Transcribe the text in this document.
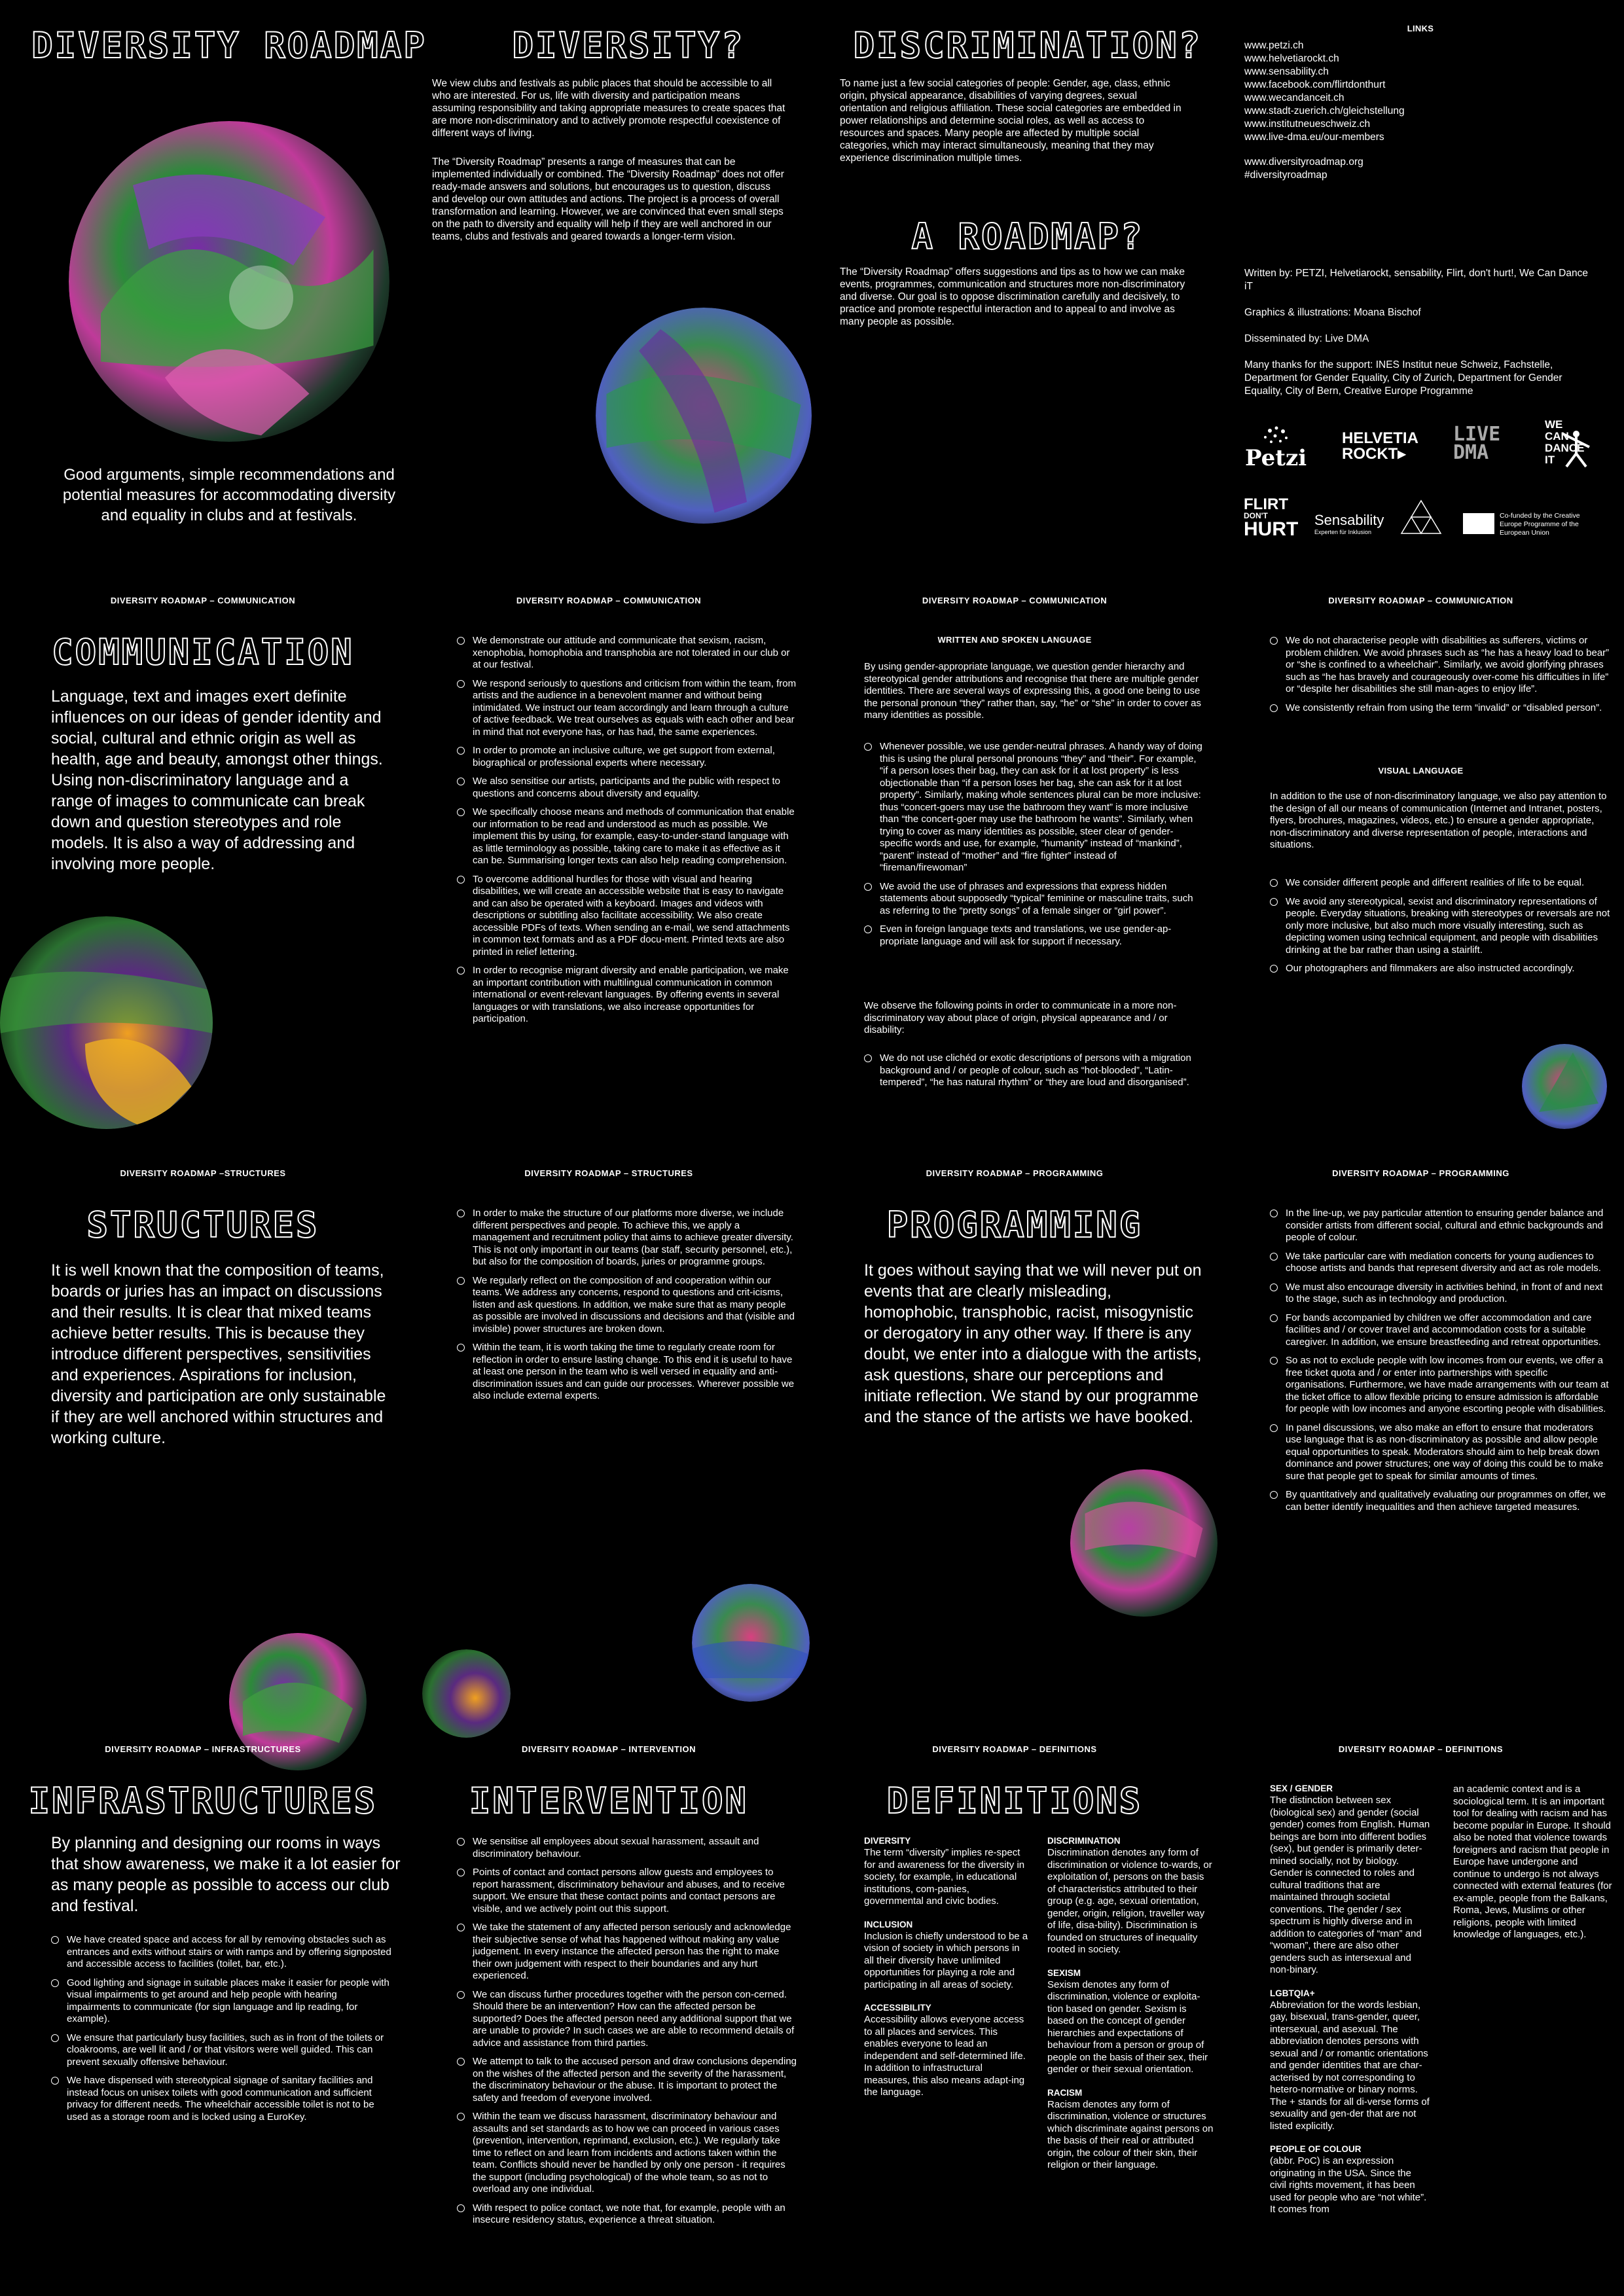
DIVERSITY ROADMAP

Good arguments, simple recommendations and potential measures for accommodating diversity and equality in clubs and at festivals.

DIVERSITY?

We view clubs and festivals as public places that should be accessible to all who are interested. For us, life with diversity and participation means assuming responsibility and taking appropriate measures to create spaces that are more non-discriminatory and to actively promote respectful coexistence of different ways of living.

The “Diversity Roadmap” presents a range of measures that can be implemented individually or combined. The “Diversity Roadmap” does not offer ready-made answers and solutions, but encourages us to question, discuss and develop our own attitudes and actions. The project is a process of overall transformation and learning. However, we are convinced that even small steps on the path to diversity and equality will help if they are well anchored in our teams, clubs and festivals and geared towards a longer-term vision.

DISCRIMINATION?

To name just a few social categories of people: Gender, age, class, ethnic origin, physical appearance, disabilities of varying degrees, sexual orientation and religious affiliation. These social categories are embedded in power relationships and determine social roles, as well as access to resources and spaces. Many people are affected by multiple social categories, which may interact simultaneously, meaning that they may experience discrimination multiple times.

A ROADMAP?

The “Diversity Roadmap” offers suggestions and tips as to how we can make events, programmes, communication and structures more non-discriminatory and diverse. Our goal is to oppose discrimination carefully and decisively, to practice and promote respectful interaction and to appeal to and involve as many people as possible.

LINKS
www.petzi.ch
www.helvetiarockt.ch
www.sensability.ch
www.facebook.com/flirtdonthurt
www.wecandanceit.ch
www.stadt-zuerich.ch/gleichstellung
www.institutneueschweiz.ch
www.live-dma.eu/our-members
www.diversityroadmap.org
#diversityroadmap
Written by: PETZI, Helvetiarockt, sensability, Flirt, don't hurt!, We Can Dance iT
Graphics & illustrations: Moana Bischof
Disseminated by: Live DMA
Many thanks for the support: INES Institut neue Schweiz, Fachstelle, Department for Gender Equality, City of Zurich, Department for Gender Equality, City of Bern, Creative Europe Programme
Petzi
HELVETIA
ROCKT▸
LIVE
DMA
WE
CAN
DANCE
IT
FLIRT
DON'T
HURT Sensability
Experten für Inklusion
Co-funded by the Creative Europe Programme of the European Union
DIVERSITY ROADMAP – COMMUNICATION
COMMUNICATION

Language, text and images exert definite influences on our ideas of gender identity and social, cultural and ethnic origin as well as health, age and beauty, amongst other things. Using non-discriminatory language and a range of images to communicate can break down and question stereotypes and role models. It is also a way of addressing and involving more people.

DIVERSITY ROADMAP – COMMUNICATION
We demonstrate our attitude and communicate that sexism, racism, xenophobia, homophobia and transphobia are not tolerated in our club or at our festival.
We respond seriously to questions and criticism from within the team, from artists and the audience in a benevolent manner and without being intimidated. We instruct our team accordingly and learn through a culture of active feedback. We treat ourselves as equals with each other and bear in mind that not everyone has, or has had, the same experiences.
In order to promote an inclusive culture, we get support from external, biographical or professional experts where necessary.
We also sensitise our artists, participants and the public with respect to questions and concerns about diversity and equality.
We specifically choose means and methods of communication that enable our information to be read and understood as much as possible. We implement this by using, for example, easy-to-under-stand language with as little terminology as possible, taking care to make it as effective as it can be. Summarising longer texts can also help reading comprehension.
To overcome additional hurdles for those with visual and hearing disabilities, we will create an accessible website that is easy to navigate and can also be operated with a keyboard. Images and videos with descriptions or subtitling also facilitate accessibility. We also create accessible PDFs of texts. When sending an e-mail, we send attachments in common text formats and as a PDF docu-ment. Printed texts are also printed in relief lettering.
In order to recognise migrant diversity and enable participation, we make an important contribution with multilingual communication in common international or event-relevant languages. By offering events in several languages or with translations, we also increase opportunities for participation.
DIVERSITY ROADMAP – COMMUNICATION
WRITTEN AND SPOKEN LANGUAGE

By using gender-appropriate language, we question gender hierarchy and stereotypical gender attributions and recognise that there are multiple gender identities. There are several ways of expressing this, a good one being to use the personal pronoun “they” rather than, say, “he” or “she” in order to cover as many identities as possible.

Whenever possible, we use gender-neutral phrases. A handy way of doing this is using the plural personal pronouns “they” and “their”. For example, “if a person loses their bag, they can ask for it at lost property” is less objectionable than “if a person loses her bag, she can ask for it at lost property”. Similarly, making whole sentences plural can be more inclusive: thus “concert-goers may use the bathroom they want” is more inclusive than “the concert-goer may use the bathroom he wants”. Similarly, when trying to cover as many identities as possible, steer clear of gender-specific words and use, for example, “humanity” instead of “mankind”, “parent” instead of “mother” and “fire fighter” instead of “fireman/firewoman”
We avoid the use of phrases and expressions that express hidden statements about supposedly “typical” feminine or masculine traits, such as referring to the “pretty songs” of a female singer or “girl power”.
Even in foreign language texts and translations, we use gender-ap-propriate language and will ask for support if necessary.

We observe the following points in order to communicate in a more non-discriminatory way about place of origin, physical appearance and / or disability:

We do not use clichéd or exotic descriptions of persons with a migration background and / or people of colour, such as “hot-blooded”, “Latin-tempered”, “he has natural rhythm” or “they are loud and disorganised”.
DIVERSITY ROADMAP – COMMUNICATION
We do not characterise people with disabilities as sufferers, victims or problem children. We avoid phrases such as “he has a heavy load to bear” or “she is confined to a wheelchair”. Similarly, we avoid glorifying phrases such as “he has bravely and courageously over-come his difficulties in life” or “despite her disabilities she still man-ages to enjoy life”.
We consistently refrain from using the term “invalid” or “disabled person”.
VISUAL LANGUAGE

In addition to the use of non-discriminatory language, we also pay attention to the design of all our means of communication (Internet and Intranet, posters, flyers, brochures, magazines, videos, etc.) to ensure a gender appropriate, non-discriminatory and diverse representation of people, interactions and situations.

We consider different people and different realities of life to be equal.
We avoid any stereotypical, sexist and discriminatory representations of people. Everyday situations, breaking with stereotypes or reversals are not only more inclusive, but also much more visually interesting, such as depicting women using technical equipment, and people with disabilities drinking at the bar rather than using a stairlift.
Our photographers and filmmakers are also instructed accordingly.
DIVERSITY ROADMAP –STRUCTURES
STRUCTURES

It is well known that the composition of teams, boards or juries has an impact on discussions and their results. It is clear that mixed teams achieve better results. This is because they introduce different perspectives, sensitivities and experiences. Aspirations for inclusion, diversity and participation are only sustainable if they are well anchored within structures and working culture.

DIVERSITY ROADMAP – STRUCTURES
In order to make the structure of our platforms more diverse, we include different perspectives and people. To achieve this, we apply a management and recruitment policy that aims to achieve greater diversity. This is not only important in our teams (bar staff, security personnel, etc.), but also for the composition of boards, juries or programme groups.
We regularly reflect on the composition of and cooperation within our teams. We address any concerns, respond to questions and crit-icisms, listen and ask questions. In addition, we make sure that as many people as possible are involved in discussions and decisions and that (visible and invisible) power structures are broken down.
Within the team, it is worth taking the time to regularly create room for reflection in order to ensure lasting change. To this end it is useful to have at least one person in the team who is well versed in equality and anti-discrimination issues and can guide our processes. Wherever possible we also include external experts.
DIVERSITY ROADMAP – PROGRAMMING
PROGRAMMING

It goes without saying that we will never put on events that are clearly misleading, homophobic, transphobic, racist, misogynistic or derogatory in any other way. If there is any doubt, we enter into a dialogue with the artists, ask questions, share our perceptions and initiate reflection. We stand by our programme and the stance of the artists we have booked.

DIVERSITY ROADMAP – PROGRAMMING
In the line-up, we pay particular attention to ensuring gender balance and consider artists from different social, cultural and ethnic backgrounds and people of colour.
We take particular care with mediation concerts for young audiences to choose artists and bands that represent diversity and act as role models.
We must also encourage diversity in activities behind, in front of and next to the stage, such as in technology and production.
For bands accompanied by children we offer accommodation and care facilities and / or cover travel and accommodation costs for a suitable caregiver. In addition, we ensure breastfeeding and retreat opportunities.
So as not to exclude people with low incomes from our events, we offer a free ticket quota and / or enter into partnerships with specific organisations. Furthermore, we have made arrangements with our team at the ticket office to allow flexible pricing to ensure admission is affordable for people with low incomes and anyone escorting people with disabilities.
In panel discussions, we also make an effort to ensure that moderators use language that is as non-discriminatory as possible and allow people equal opportunities to speak. Moderators should aim to help break down dominance and power structures; one way of doing this could be to make sure that people get to speak for similar amounts of times.
By quantitatively and qualitatively evaluating our programmes on offer, we can better identify inequalities and then achieve targeted measures.
DIVERSITY ROADMAP – INFRASTRUCTURES
INFRASTRUCTURES

By planning and designing our rooms in ways that show awareness, we make it a lot easier for as many people as possible to access our club and festival.

We have created space and access for all by removing obstacles such as entrances and exits without stairs or with ramps and by offering signposted and accessible access to facilities (toilet, bar, etc.).
Good lighting and signage in suitable places make it easier for people with visual impairments to get around and help people with hearing impairments to communicate (for sign language and lip reading, for example).
We ensure that particularly busy facilities, such as in front of the toilets or cloakrooms, are well lit and / or that visitors were well guided. This can prevent sexually offensive behaviour.
We have dispensed with stereotypical signage of sanitary facilities and instead focus on unisex toilets with good communication and sufficient privacy for different needs. The wheelchair accessible toilet is not to be used as a storage room and is locked using a EuroKey.
DIVERSITY ROADMAP – INTERVENTION
INTERVENTION
We sensitise all employees about sexual harassment, assault and discriminatory behaviour.
Points of contact and contact persons allow guests and employees to report harassment, discriminatory behaviour and abuses, and to receive support. We ensure that these contact points and contact persons are visible, and we actively point out this support.
We take the statement of any affected person seriously and acknowledge their subjective sense of what has happened without making any value judgement. In every instance the affected person has the right to make their own judgement with respect to their boundaries and any hurt experienced.
We can discuss further procedures together with the person con-cerned. Should there be an intervention? How can the affected person be supported? Does the affected person need any additional support that we are unable to provide? In such cases we are able to recommend details of advice and assistance from third parties.
We attempt to talk to the accused person and draw conclusions depending on the wishes of the affected person and the severity of the harassment, the discriminatory behaviour or the abuse. It is important to protect the safety and freedom of everyone involved.
Within the team we discuss harassment, discriminatory behaviour and assaults and set standards as to how we can proceed in various cases (prevention, intervention, reprimand, exclusion, etc.). We regularly take time to reflect on and learn from incidents and actions taken within the team. Conflicts should never be handled by only one person - it requires the support (including psychological) of the whole team, so as not to overload any one individual.
With respect to police contact, we note that, for example, people with an insecure residency status, experience a threat situation.
DIVERSITY ROADMAP – DEFINITIONS
DEFINITIONS
DIVERSITY

The term “diversity” implies re-spect for and awareness for the diversity in society, for example, in educational institutions, com-panies, governmental and civic bodies.

INCLUSION

Inclusion is chiefly understood to be a vision of society in which persons in all their diversity have unlimited opportunities for playing a role and participating in all areas of society.

ACCESSIBILITY

Accessibility allows everyone access to all places and services. This enables everyone to lead an independent and self-determined life. In addition to infrastructural measures, this also means adapt-ing the language.

DISCRIMINATION

Discrimination denotes any form of discrimination or violence to-wards, or exploitation of, persons on the basis of characteristics attributed to their group (e.g. age, sexual orientation, gender, origin, religion, traveller way of life, disa-bility). Discrimination is founded on structures of inequality rooted in society.

SEXISM

Sexism denotes any form of discrimination, violence or exploita-tion based on gender. Sexism is based on the concept of gender hierarchies and expectations of behaviour from a person or group of people on the basis of their sex, their gender or their sexual orientation.

RACISM

Racism denotes any form of discrimination, violence or structures which discriminate against persons on the basis of their real or attributed origin, the colour of their skin, their religion or their language.

DIVERSITY ROADMAP – DEFINITIONS
SEX / GENDER

The distinction between sex (biological sex) and gender (social gender) comes from English. Human beings are born into different bodies (sex), but gender is primarily deter-mined socially, not by biology. Gender is connected to roles and cultural traditions that are maintained through societal conventions. The gender / sex spectrum is highly diverse and in addition to categories of “man” and “woman”, there are also other genders such as intersexual and non-binary.

LGBTQIA+

Abbreviation for the words lesbian, gay, bisexual, trans-gender, queer, intersexual, and asexual. The abbreviation denotes persons with sexual and / or romantic orientations and gender identities that are char-acterised by not corresponding to hetero-normative or binary norms. The + stands for all di-verse forms of sexuality and gen-der that are not listed explicitly.

PEOPLE OF COLOUR

(abbr. PoC) is an expression originating in the USA. Since the civil rights movement, it has been used for people who are “not white”. It comes from

an academic context and is a sociological term. It is an important tool for dealing with racism and has become popular in Europe. It should also be noted that violence towards foreigners and racism that people in Europe have undergone and continue to undergo is not always connected with external features (for ex-ample, people from the Balkans, Roma, Jews, Muslims or other religions, people with limited knowledge of languages, etc.).
